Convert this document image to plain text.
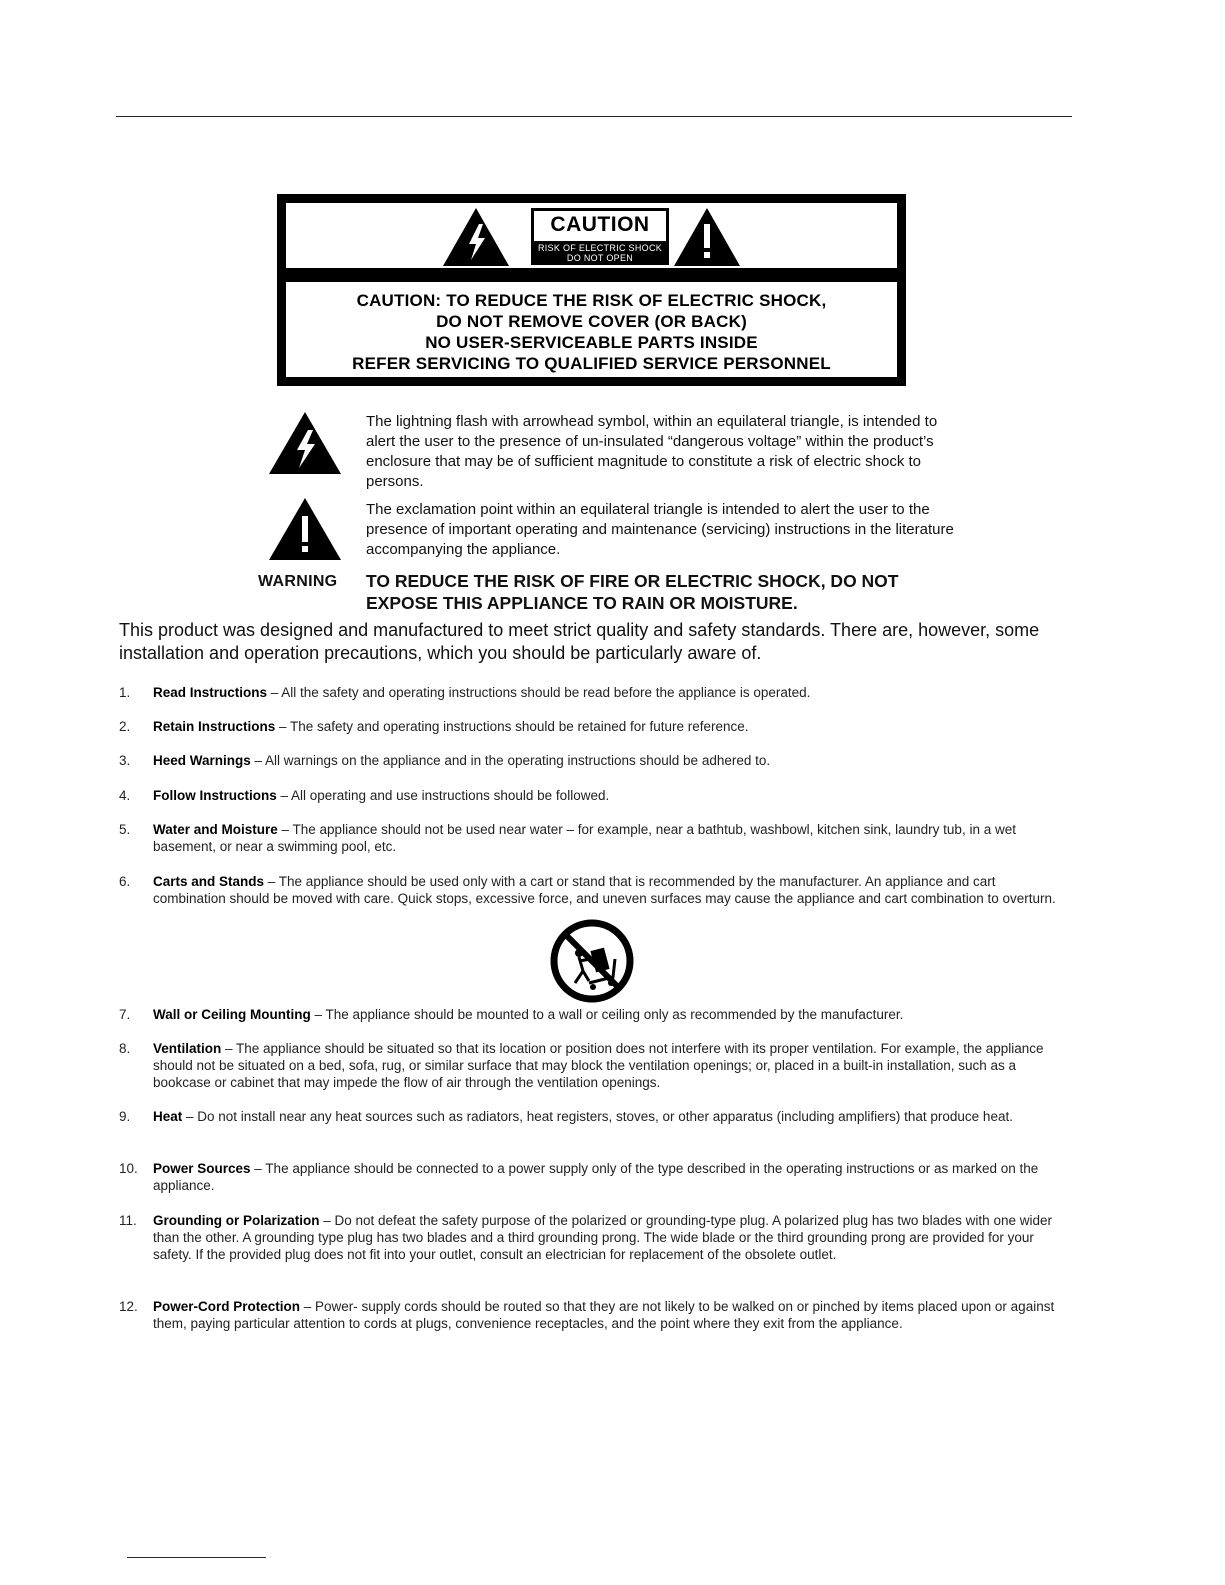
CAUTION
RISK OF ELECTRIC SHOCK
DO NOT OPEN
CAUTION: TO REDUCE THE RISK OF ELECTRIC SHOCK,
DO NOT REMOVE COVER (OR BACK)
NO USER-SERVICEABLE PARTS INSIDE
REFER SERVICING TO QUALIFIED SERVICE PERSONNEL
The lightning flash with arrowhead symbol, within an equilateral triangle, is intended to alert the user to the presence of un-insulated “dangerous voltage” within the product’s enclosure that may be of sufficient magnitude to constitute a risk of electric shock to persons.
The exclamation point within an equilateral triangle is intended to alert the user to the presence of important operating and maintenance (servicing) instructions in the literature accompanying the appliance.
WARNING TO REDUCE THE RISK OF FIRE OR ELECTRIC SHOCK, DO NOT EXPOSE THIS APPLIANCE TO RAIN OR MOISTURE.
This product was designed and manufactured to meet strict quality and safety standards. There are, however, some installation and operation precautions, which you should be particularly aware of.
1.	Read Instructions – All the safety and operating instructions should be read before the appliance is operated.
2.	Retain Instructions – The safety and operating instructions should be retained for future reference.
3.	Heed Warnings – All warnings on the appliance and in the operating instructions should be adhered to.
4.	Follow Instructions – All operating and use instructions should be followed.
5.	Water and Moisture – The appliance should not be used near water – for example, near a bathtub, washbowl, kitchen sink, laundry tub, in a wet basement, or near a swimming pool, etc.
6.	Carts and Stands – The appliance should be used only with a cart or stand that is recommended by the manufacturer. An appliance and cart combination should be moved with care. Quick stops, excessive force, and uneven surfaces may cause the appliance and cart combination to overturn.
7.	Wall or Ceiling Mounting – The appliance should be mounted to a wall or ceiling only as recommended by the manufacturer.
8.	Ventilation – The appliance should be situated so that its location or position does not interfere with its proper ventilation. For example, the appliance should not be situated on a bed, sofa, rug, or similar surface that may block the ventilation openings; or, placed in a built-in installation, such as a bookcase or cabinet that may impede the flow of air through the ventilation openings.
9.	Heat – Do not install near any heat sources such as radiators, heat registers, stoves, or other apparatus (including amplifiers) that produce heat.
10.	Power Sources – The appliance should be connected to a power supply only of the type described in the operating instructions or as marked on the appliance.
11.	Grounding or Polarization – Do not defeat the safety purpose of the polarized or grounding-type plug. A polarized plug has two blades with one wider than the other. A grounding type plug has two blades and a third grounding prong. The wide blade or the third grounding prong are provided for your safety. If the provided plug does not fit into your outlet, consult an electrician for replacement of the obsolete outlet.
12.	Power-Cord Protection – Power- supply cords should be routed so that they are not likely to be walked on or pinched by items placed upon or against them, paying particular attention to cords at plugs, convenience receptacles, and the point where they exit from the appliance.
